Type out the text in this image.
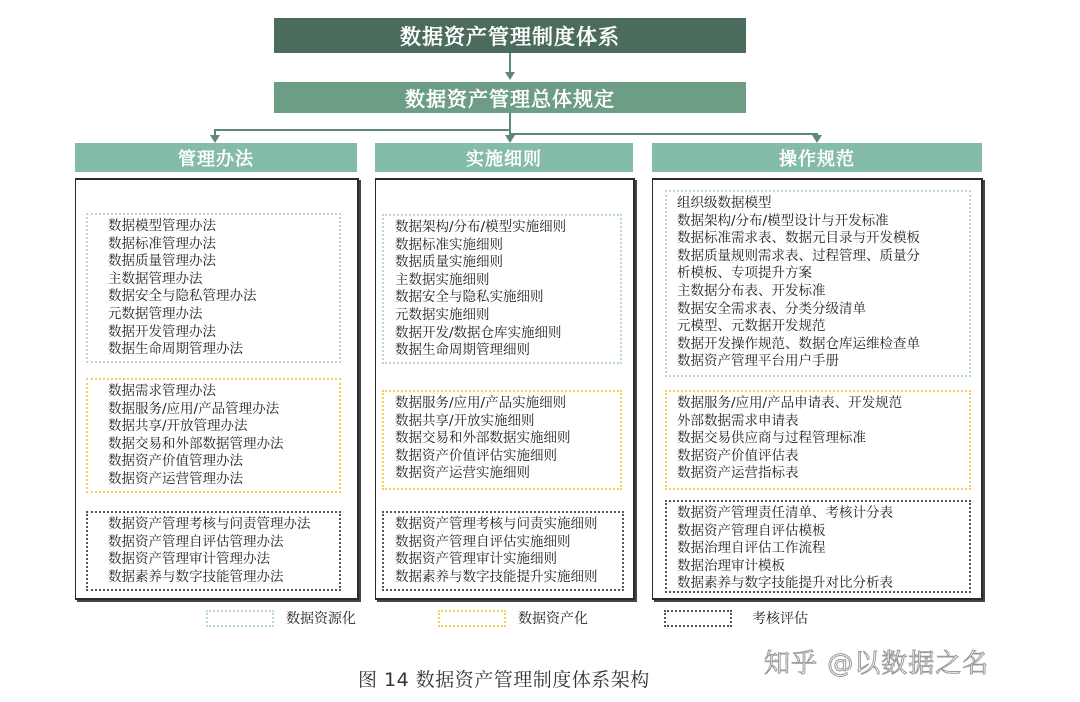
数据资产管理制度体系
数据资产管理总体规定
管理办法
数据模型管理办法
数据标准管理办法
数据质量管理办法
主数据管理办法
数据安全与隐私管理办法
元数据管理办法
数据开发管理办法
数据生命周期管理办法
数据需求管理办法
数据服务/应用/产品管理办法
数据共享/开放管理办法
数据交易和外部数据管理办法
数据资产价值管理办法
数据资产运营管理办法
数据资产管理考核与问责管理办法
数据资产管理自评估管理办法
数据资产管理审计管理办法
数据素养与数字技能管理办法
实施细则
数据架构/分布/模型实施细则
数据标准实施细则
数据质量实施细则
主数据实施细则
数据安全与隐私实施细则
元数据实施细则
数据开发/数据仓库实施细则
数据生命周期管理细则
数据服务/应用/产品实施细则
数据共享/开放实施细则
数据交易和外部数据实施细则
数据资产价值评估实施细则
数据资产运营实施细则
数据资产管理考核与问责实施细则
数据资产管理自评估实施细则
数据资产管理审计实施细则
数据素养与数字技能提升实施细则
操作规范
组织级数据模型
数据架构/分布/模型设计与开发标准
数据标准需求表、数据元目录与开发模板
数据质量规则需求表、过程管理、质量分
析模板、专项提升方案
主数据分布表、开发标准
数据安全需求表、分类分级清单
元模型、元数据开发规范
数据开发操作规范、数据仓库运维检查单
数据资产管理平台用户手册
数据服务/应用/产品申请表、开发规范
外部数据需求申请表
数据交易供应商与过程管理标准
数据资产价值评估表
数据资产运营指标表
数据资产管理责任清单、考核计分表
数据资产管理自评估模板
数据治理自评估工作流程
数据治理审计模板
数据素养与数字技能提升对比分析表
数据资源化	数据资产化	考核评估
图 14 数据资产管理制度体系架构
知乎 @以数据之名
